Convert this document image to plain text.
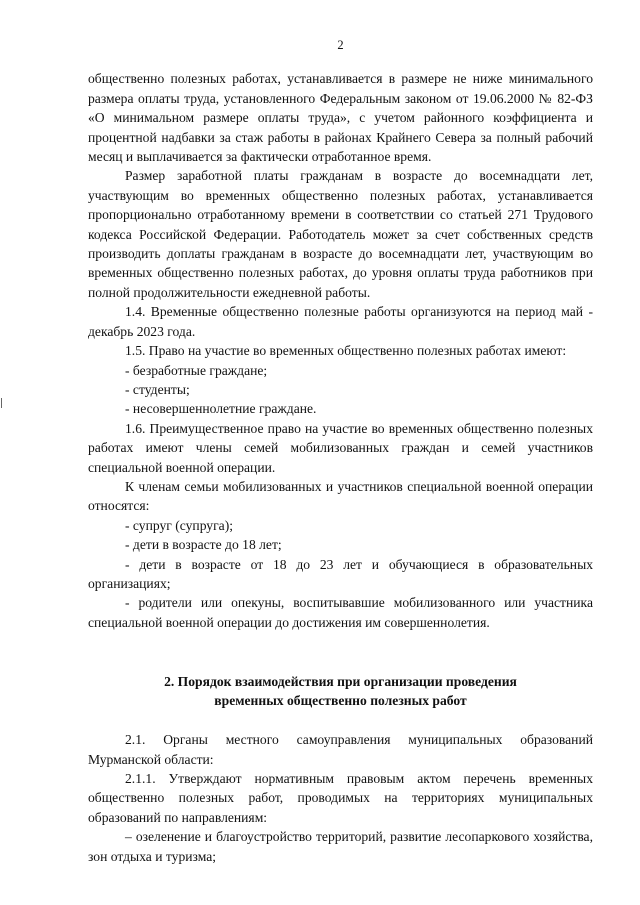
2

общественно полезных работах, устанавливается в размере не ниже минимального размера оплаты труда, установленного Федеральным законом от 19.06.2000 № 82-ФЗ «О минимальном размере оплаты труда», с учетом районного коэффициента и процентной надбавки за стаж работы в районах Крайнего Севера за полный рабочий месяц и выплачивается за фактически отработанное время.

Размер заработной платы гражданам в возрасте до восемнадцати лет, участвующим во временных общественно полезных работах, устанавливается пропорционально отработанному времени в соответствии со статьей 271 Трудового кодекса Российской Федерации. Работодатель может за счет собственных средств производить доплаты гражданам в возрасте до восемнадцати лет, участвующим во временных общественно полезных работах, до уровня оплаты труда работников при полной продолжительности ежедневной работы.

1.4. Временные общественно полезные работы организуются на период май - декабрь 2023 года.

1.5. Право на участие во временных общественно полезных работах имеют:

- безработные граждане;

- студенты;

- несовершеннолетние граждане.

1.6. Преимущественное право на участие во временных общественно полезных работах имеют члены семей мобилизованных граждан и семей участников специальной военной операции.

К членам семьи мобилизованных и участников специальной военной операции относятся:

- супруг (супруга);

- дети в возрасте до 18 лет;

- дети в возрасте от 18 до 23 лет и обучающиеся в образовательных организациях;

- родители или опекуны, воспитывавшие мобилизованного или участника специальной военной операции до достижения им совершеннолетия.

2. Порядок взаимодействия при организации проведения
временных общественно полезных работ

2.1. Органы местного самоуправления муниципальных образований Мурманской области:

2.1.1. Утверждают нормативным правовым актом перечень временных общественно полезных работ, проводимых на территориях муниципальных образований по направлениям:

– озеленение и благоустройство территорий, развитие лесопаркового хозяйства, зон отдыха и туризма;
